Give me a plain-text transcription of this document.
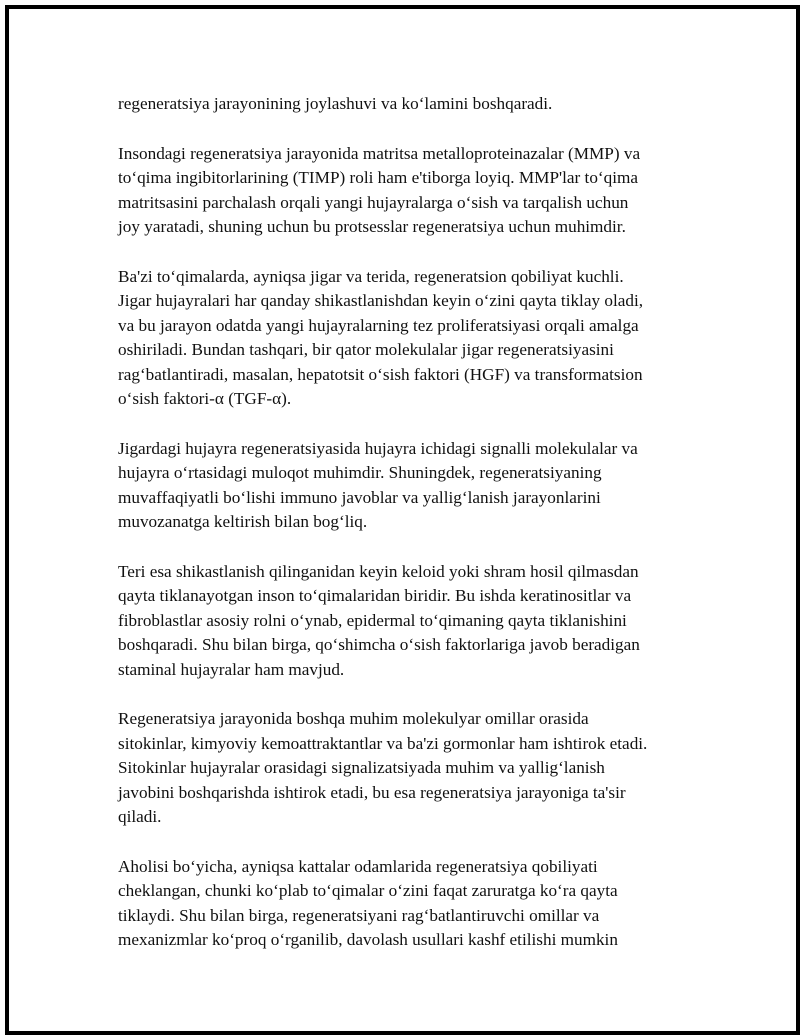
regeneratsiya jarayonining joylashuvi va ko‘lamini boshqaradi.

Insondagi regeneratsiya jarayonida matritsa metalloproteinazalar (MMP) va
to‘qima ingibitorlarining (TIMP) roli ham e'tiborga loyiq. MMP'lar to‘qima
matritsasini parchalash orqali yangi hujayralarga o‘sish va tarqalish uchun
joy yaratadi, shuning uchun bu protsesslar regeneratsiya uchun muhimdir.

Ba'zi to‘qimalarda, ayniqsa jigar va terida, regeneratsion qobiliyat kuchli.
Jigar hujayralari har qanday shikastlanishdan keyin o‘zini qayta tiklay oladi,
va bu jarayon odatda yangi hujayralarning tez proliferatsiyasi orqali amalga
oshiriladi. Bundan tashqari, bir qator molekulalar jigar regeneratsiyasini
rag‘batlantiradi, masalan, hepatotsit o‘sish faktori (HGF) va transformatsion
o‘sish faktori-α (TGF-α).

Jigardagi hujayra regeneratsiyasida hujayra ichidagi signalli molekulalar va
hujayra o‘rtasidagi muloqot muhimdir. Shuningdek, regeneratsiyaning
muvaffaqiyatli bo‘lishi immuno javoblar va yallig‘lanish jarayonlarini
muvozanatga keltirish bilan bog‘liq.

Teri esa shikastlanish qilinganidan keyin keloid yoki shram hosil qilmasdan
qayta tiklanayotgan inson to‘qimalaridan biridir. Bu ishda keratinositlar va
fibroblastlar asosiy rolni o‘ynab, epidermal to‘qimaning qayta tiklanishini
boshqaradi. Shu bilan birga, qo‘shimcha o‘sish faktorlariga javob beradigan
staminal hujayralar ham mavjud.

Regeneratsiya jarayonida boshqa muhim molekulyar omillar orasida
sitokinlar, kimyoviy kemoattraktantlar va ba'zi gormonlar ham ishtirok etadi.
Sitokinlar hujayralar orasidagi signalizatsiyada muhim va yallig‘lanish
javobini boshqarishda ishtirok etadi, bu esa regeneratsiya jarayoniga ta'sir
qiladi.

Aholisi bo‘yicha, ayniqsa kattalar odamlarida regeneratsiya qobiliyati
cheklangan, chunki ko‘plab to‘qimalar o‘zini faqat zaruratga ko‘ra qayta
tiklaydi. Shu bilan birga, regeneratsiyani rag‘batlantiruvchi omillar va
mexanizmlar ko‘proq o‘rganilib, davolash usullari kashf etilishi mumkin
